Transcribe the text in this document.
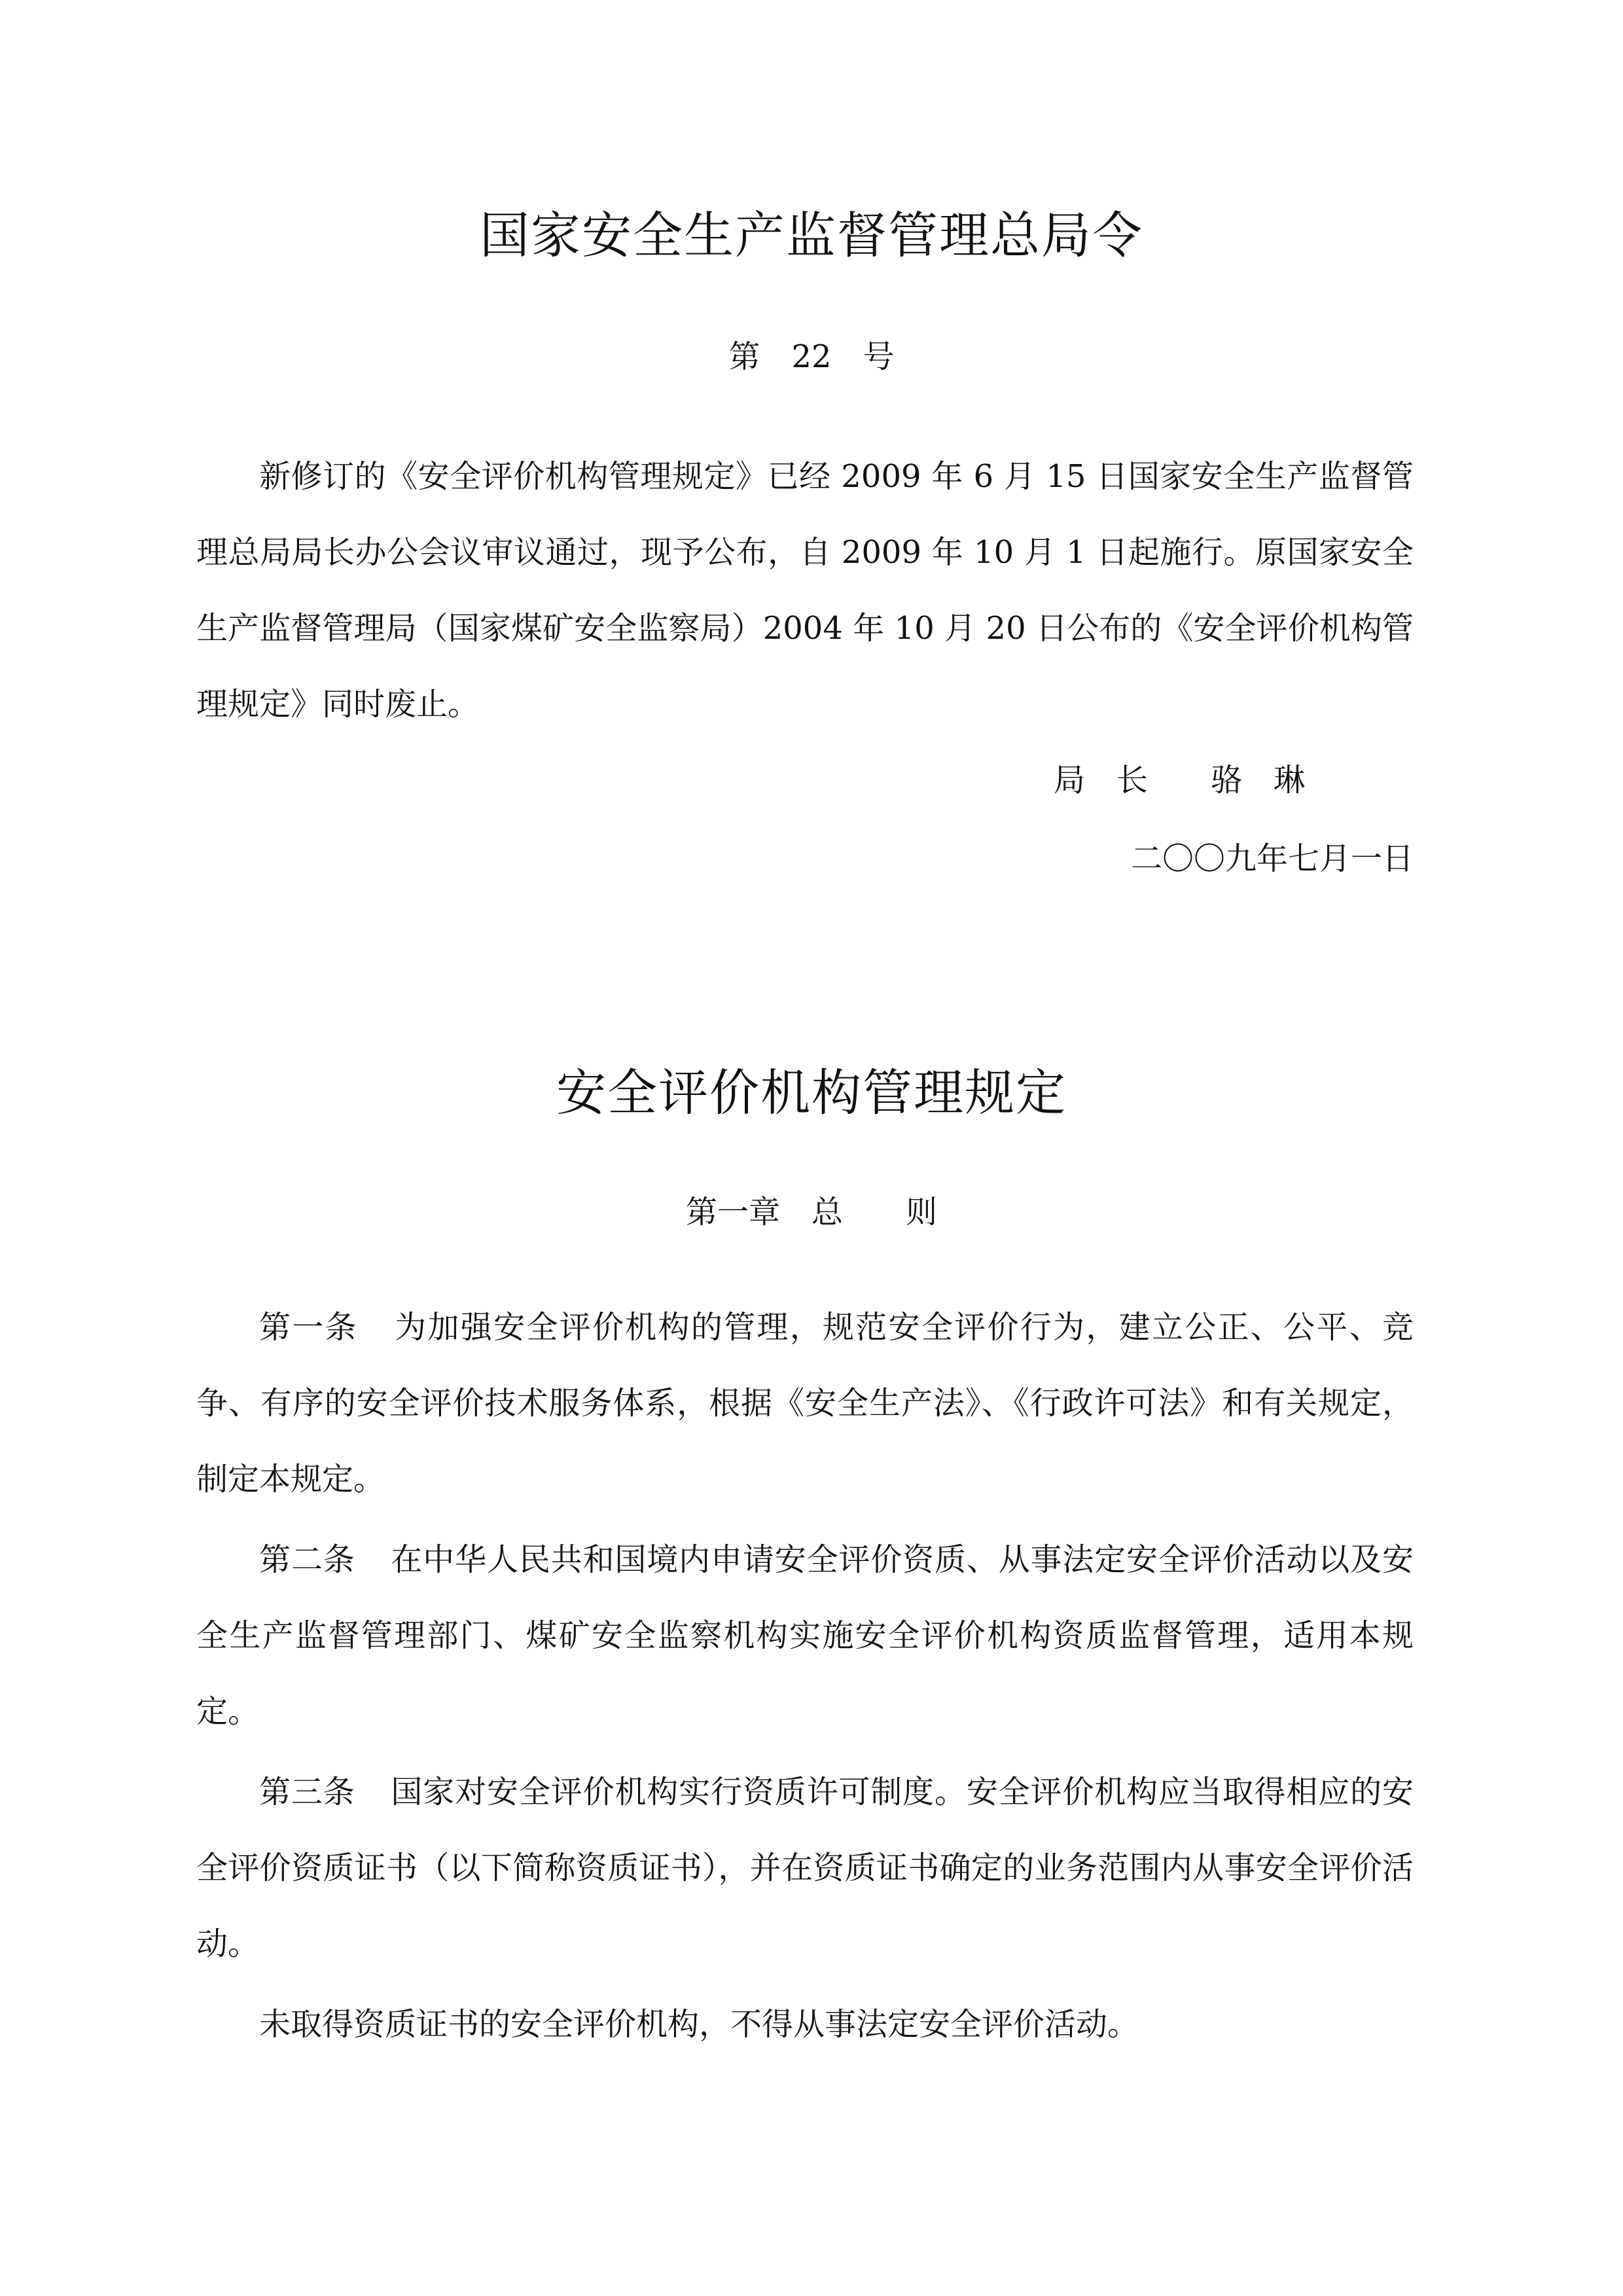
国家安全生产监督管理总局令
第　22　号
新修订的《安全评价机构管理规定》已经 2009 年 6 月 15 日国家安全生产监督管理总局局长办公会议审议通过，现予公布，自 2009 年 10 月 1 日起施行。原国家安全生产监督管理局（国家煤矿安全监察局）2004 年 10 月 20 日公布的《安全评价机构管理规定》同时废止。
局　长　　骆　琳
二〇〇九年七月一日
安全评价机构管理规定
第一章　总　　则
第一条 为加强安全评价机构的管理，规范安全评价行为，建立公正、公平、竞争、有序的安全评价技术服务体系，根据《安全生产法》、《行政许可法》和有关规定，制定本规定。
第二条 在中华人民共和国境内申请安全评价资质、从事法定安全评价活动以及安全生产监督管理部门、煤矿安全监察机构实施安全评价机构资质监督管理，适用本规定。
第三条 国家对安全评价机构实行资质许可制度。安全评价机构应当取得相应的安全评价资质证书（以下简称资质证书），并在资质证书确定的业务范围内从事安全评价活动。
未取得资质证书的安全评价机构，不得从事法定安全评价活动。
